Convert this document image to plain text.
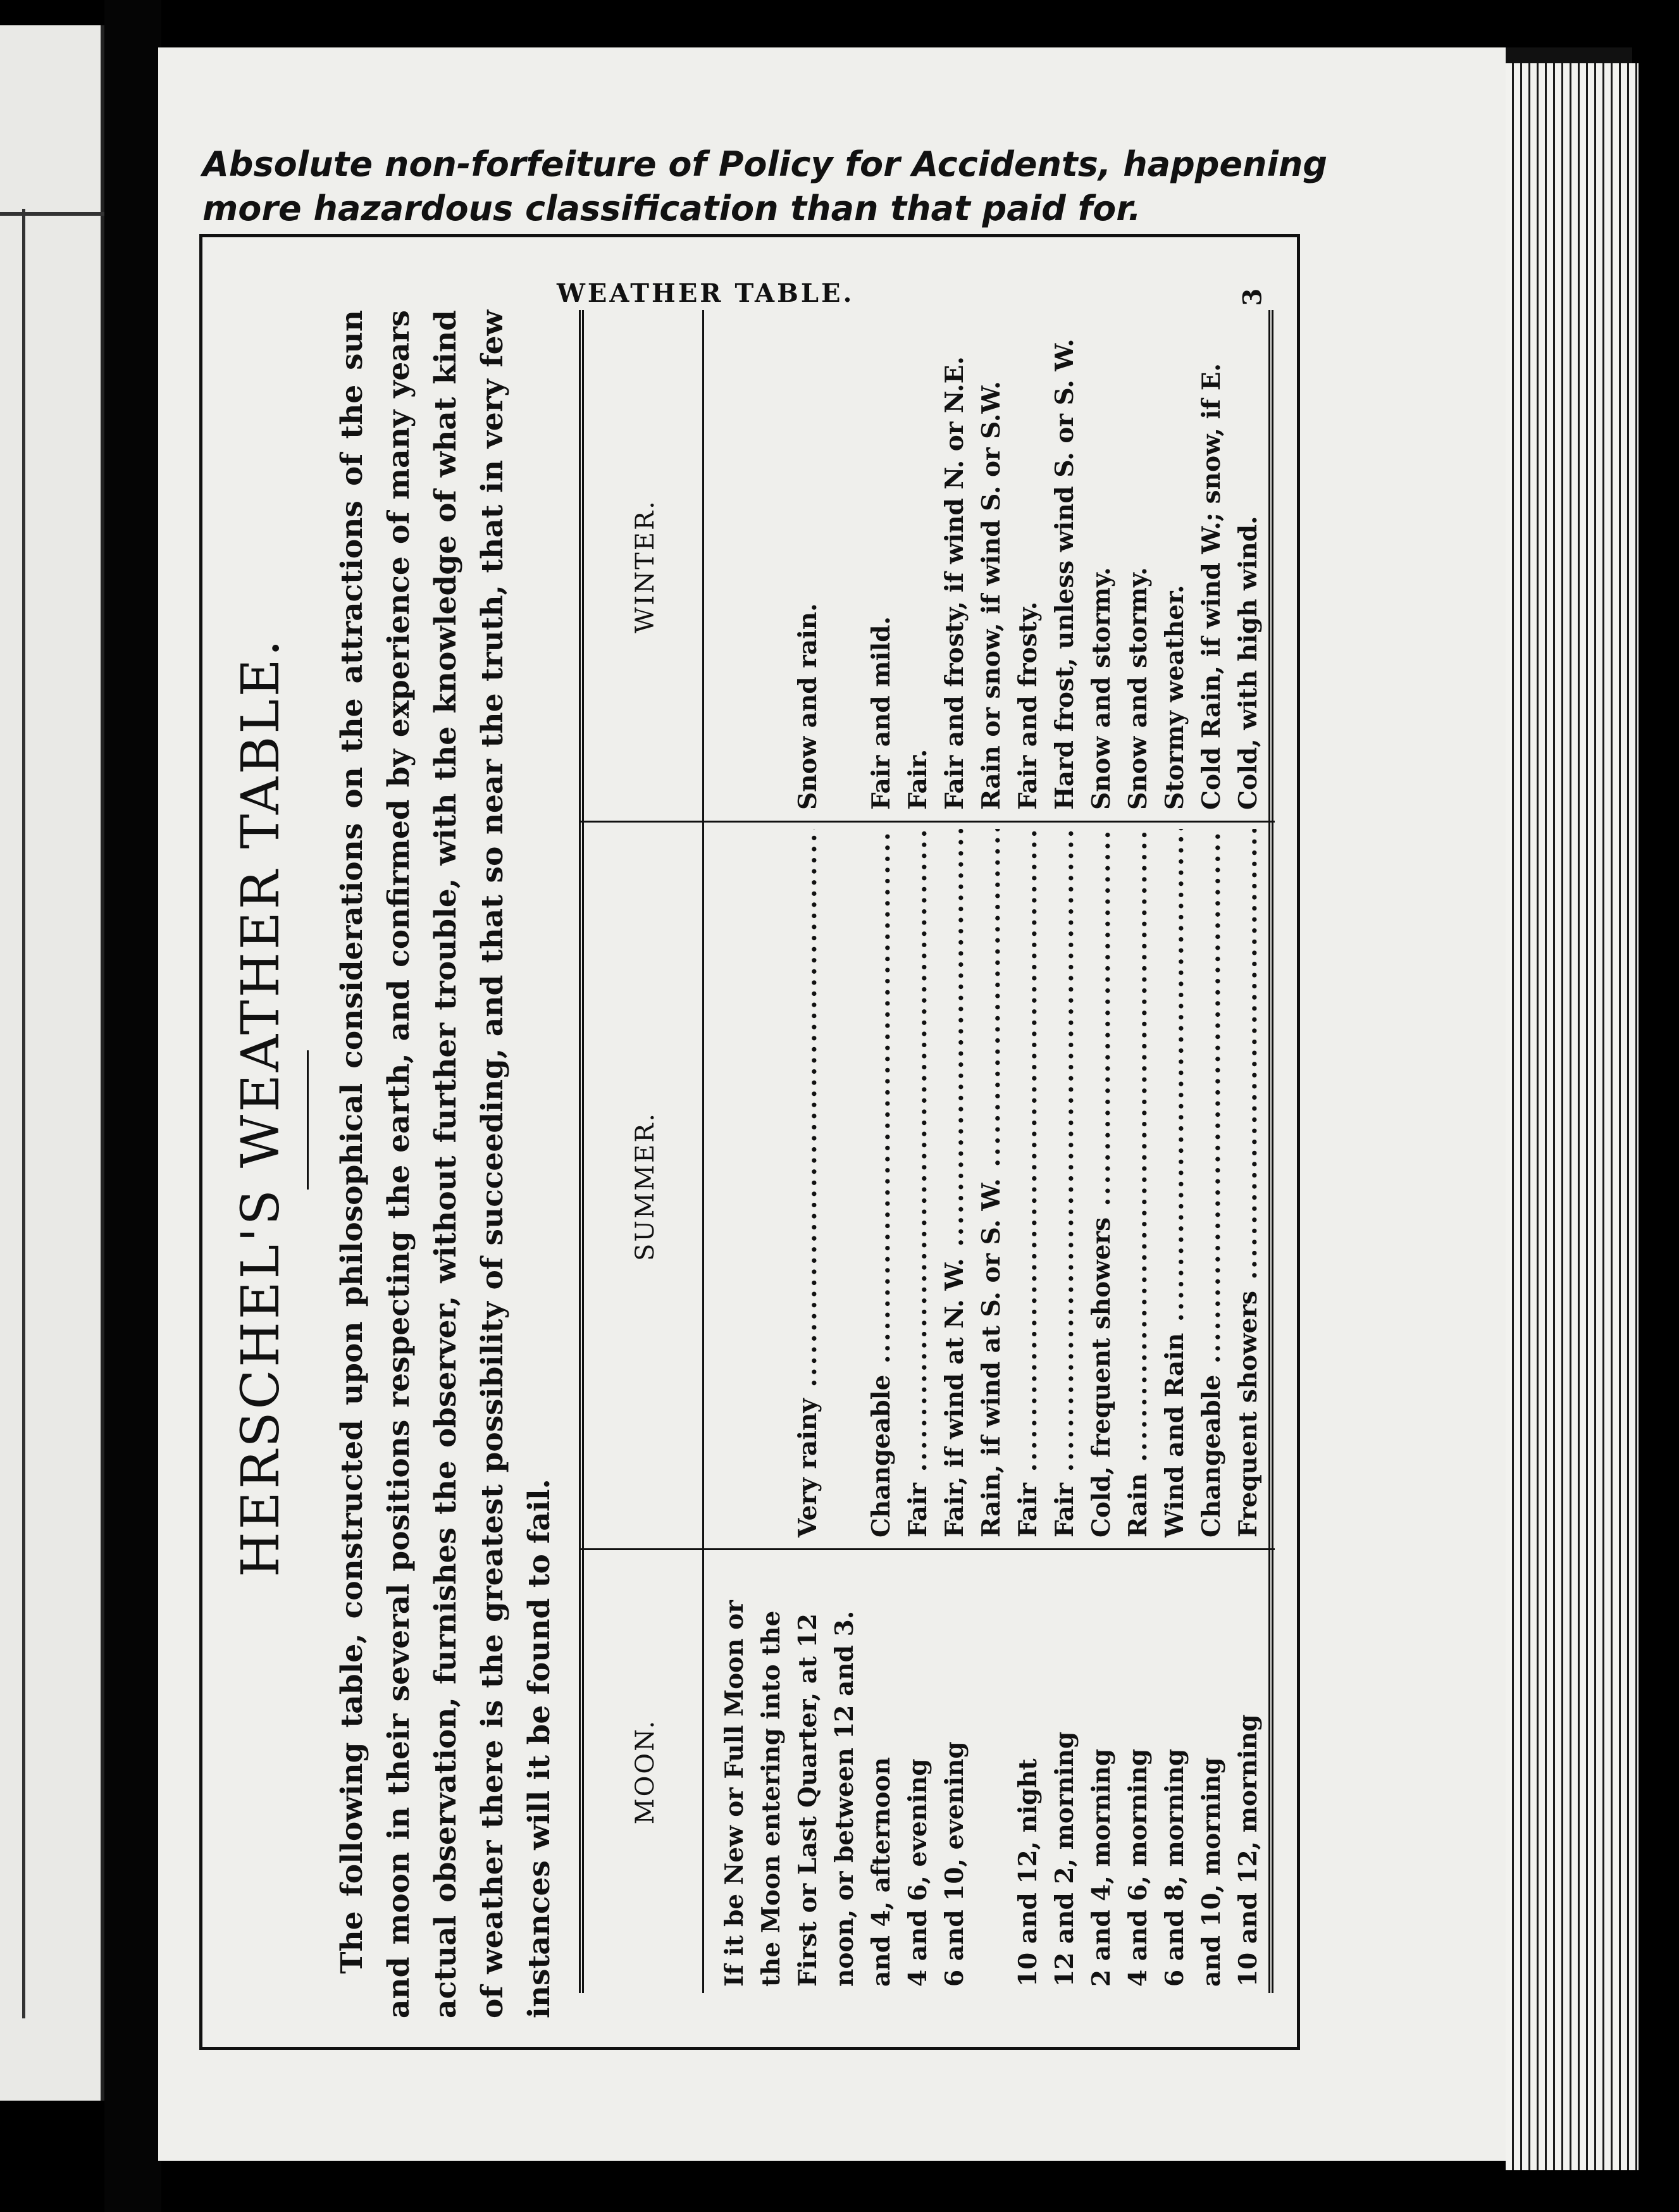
Absolute non-forfeiture of Policy for Accidents, happening
more hazardous classification than that paid for.
HERSCHEL'S WEATHER TABLE. The following table, constructed upon philosophical considerations on the attractions of the sun and moon in their several positions respecting the earth, and confirmed by experience of many years actual observation, furnishes the observer, without further trouble, with the knowledge of what kind of weather there is the greatest possibility of succeeding, and that so near the truth, that in very few instances will it be found to fail.	MOON.
SUMMER.
WINTER.
If it be New or Full Moon or the Moon entering into the First or Last Quarter, at 12
Very rainy .....
Snow and rain.
noon, or between 12 and 3. and 4, afternoon
Changeable .....
Fair and mild.
4 and 6, evening
Fair .....
Fair.
6 and 10, evening
Fair, if wind at N. W. .....
Fair and frosty, if wind N. or N.E.
Rain, if wind at S. or S. W. .....
Rain or snow, if wind S. or S.W.
10 and 12, night
Fair .....
Fair and frosty.
12 and 2, morning
Fair .....
Hard frost, unless wind S. or S. W.
2 and 4, morning
Cold, frequent showers .....
Snow and stormy.
4 and 6, morning
Rain .....
Snow and stormy.
6 and 8, morning
Wind and Rain .....
Stormy weather.
and 10, morning
Changeable .....
Cold Rain, if wind W.; snow, if E.
10 and 12, morning
Frequent showers .....
Cold, with high wind.
3
WEATHER TABLE.
